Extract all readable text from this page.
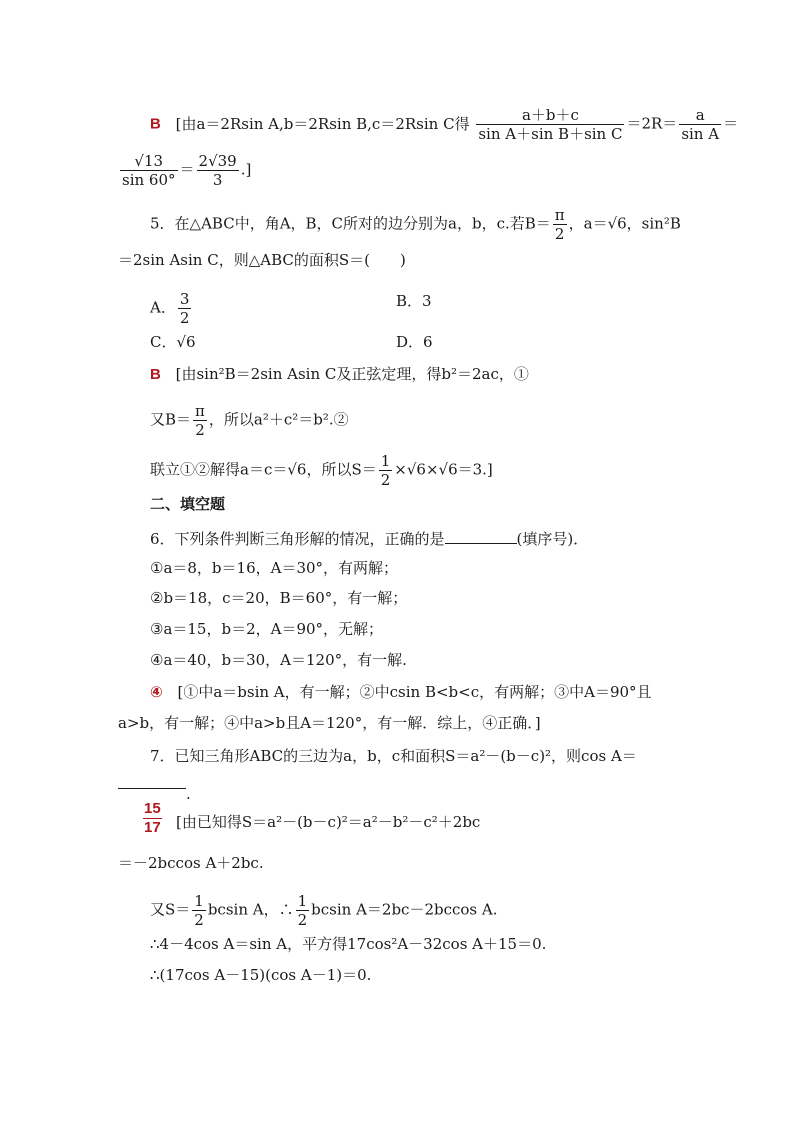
B [由a＝2Rsin A,b＝2Rsin B,c＝2Rsin C得 $\frac{a+b+c}{\text{sin A＋sin B＋sin C}} =2R= \frac{a}{\text{sin A}}$ ＝
$\frac{√13}{\sin 60^\circ} = \frac{2√39}{3}$ .]
5．在△ABC中，角A，B，C所对的边分别为a，b，c.若$B= \frac{\pi}{2}$ ，a＝√6，sin²B
＝2sin Asin C，则△ABC的面积S＝(　　)
A． $\frac{3}{2}$	B．3
C．√6	D．6
B [由sin²B＝2sin Asin C及正弦定理，得b²＝2ac，①
又$B= \frac{\pi}{2}$ ，所以a²＋c²＝b².②
联立①②解得a＝c＝√6，所以$S= \frac{1}{2} \times√6\times√6=3$.]
二、填空题
6．下列条件判断三角形解的情况，正确的是	(填序号)．
①a＝8，b＝16，A＝30°，有两解；
②b＝18，c＝20，B＝60°，有一解；
③a＝15，b＝2，A＝90°，无解；
④a＝40，b＝30，A＝120°，有一解.
④ [①中a＝bsin A，有一解；②中csin B<b<c，有两解；③中A＝90°且
a>b，有一解；④中a>b且A＝120°，有一解．综上，④正确．]
7．已知三角形ABC的三边为a，b，c和面积S＝a²－(b－c)²，则cos A＝
.
$\frac{15}{17}$ [由已知得S＝a²－(b－c)²＝a²－b²－c²＋2bc
＝－2bccos A＋2bc.
又$S= \frac{1}{2}$ bcsin A，∴ $\frac{1}{2}$ bcsin A＝2bc－2bccos A.
∴4－4cos A＝sin A，平方得17cos²A－32cos A＋15＝0.
∴(17cos A－15)(cos A－1)＝0.
